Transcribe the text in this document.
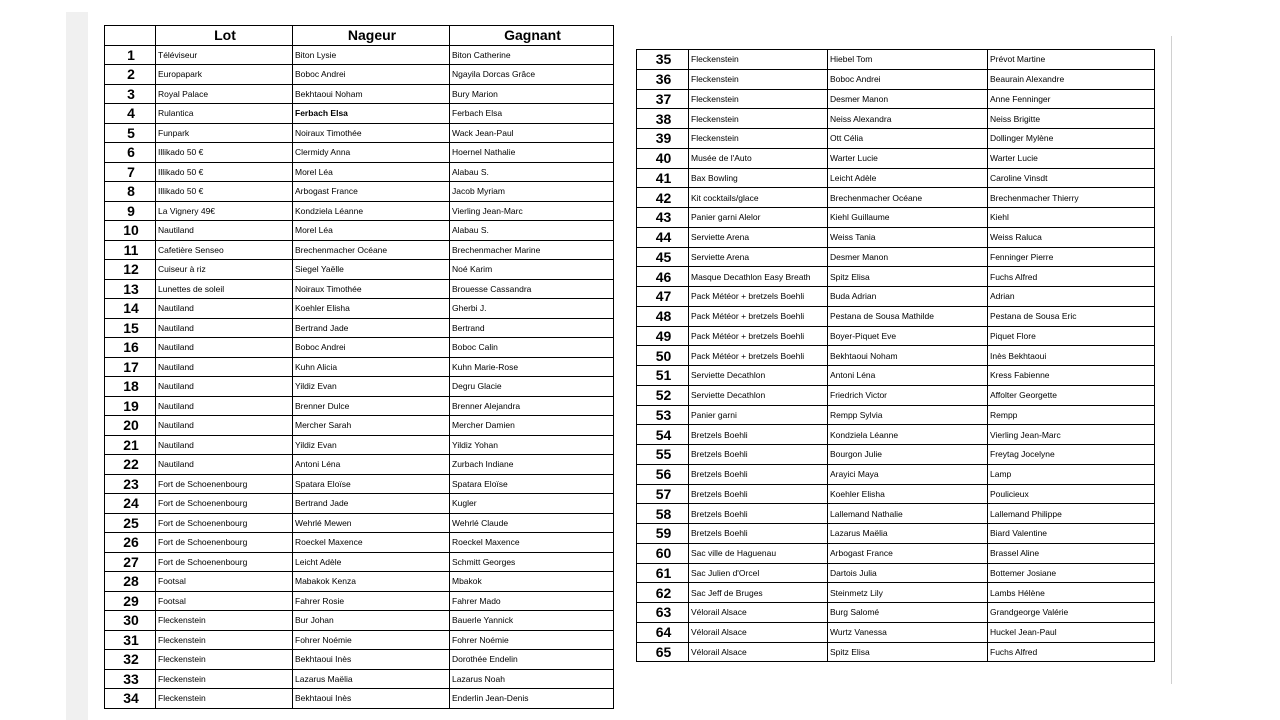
	Lot	Nageur	Gagnant
1	Téléviseur	Biton Lysie	Biton Catherine
2	Europapark	Boboc Andrei	Ngayila Dorcas Grâce
3	Royal Palace	Bekhtaoui Noham	Bury Marion
4	Rulantica	Ferbach Elsa	Ferbach Elsa
5	Funpark	Noiraux Timothée	Wack Jean-Paul
6	Illikado 50 €	Clermidy Anna	Hoernel Nathalie
7	Illikado 50 €	Morel Léa	Alabau S.
8	Illikado 50 €	Arbogast France	Jacob Myriam
9	La Vignery 49€	Kondziela Léanne	Vierling Jean-Marc
10	Nautiland	Morel Léa	Alabau S.
11	Cafetière Senseo	Brechenmacher Océane	Brechenmacher Marine
12	Cuiseur à riz	Siegel Yaëlle	Noé Karim
13	Lunettes de soleil	Noiraux Timothée	Brouesse Cassandra
14	Nautiland	Koehler Elisha	Gherbi J.
15	Nautiland	Bertrand Jade	Bertrand
16	Nautiland	Boboc Andrei	Boboc Calin
17	Nautiland	Kuhn Alicia	Kuhn Marie-Rose
18	Nautiland	Yildiz Evan	Degru Glacie
19	Nautiland	Brenner Dulce	Brenner Alejandra
20	Nautiland	Mercher Sarah	Mercher Damien
21	Nautiland	Yildiz Evan	Yildiz Yohan
22	Nautiland	Antoni Léna	Zurbach Indiane
23	Fort de Schoenenbourg	Spatara Eloïse	Spatara Eloïse
24	Fort de Schoenenbourg	Bertrand Jade	Kugler
25	Fort de Schoenenbourg	Wehrlé Mewen	Wehrlé Claude
26	Fort de Schoenenbourg	Roeckel Maxence	Roeckel Maxence
27	Fort de Schoenenbourg	Leicht Adèle	Schmitt Georges
28	Footsal	Mabakok Kenza	Mbakok
29	Footsal	Fahrer Rosie	Fahrer Mado
30	Fleckenstein	Bur Johan	Bauerle Yannick
31	Fleckenstein	Fohrer Noémie	Fohrer Noémie
32	Fleckenstein	Bekhtaoui Inès	Dorothée Endelin
33	Fleckenstein	Lazarus Maëlia	Lazarus Noah
34	Fleckenstein	Bekhtaoui Inès	Enderlin Jean-Denis
35	Fleckenstein	Hiebel Tom	Prévot Martine
36	Fleckenstein	Boboc Andrei	Beaurain Alexandre
37	Fleckenstein	Desmer Manon	Anne Fenninger
38	Fleckenstein	Neiss Alexandra	Neiss Brigitte
39	Fleckenstein	Ott Célia	Dollinger Mylène
40	Musée de l'Auto	Warter Lucie	Warter Lucie
41	Bax Bowling	Leicht Adèle	Caroline Vinsdt
42	Kit cocktails/glace	Brechenmacher Océane	Brechenmacher Thierry
43	Panier garni Alelor	Kiehl Guillaume	Kiehl
44	Serviette Arena	Weiss Tania	Weiss Raluca
45	Serviette Arena	Desmer Manon	Fenninger Pierre
46	Masque Decathlon Easy Breath	Spitz Elisa	Fuchs Alfred
47	Pack Météor + bretzels Boehli	Buda Adrian	Adrian
48	Pack Météor + bretzels Boehli	Pestana de Sousa Mathilde	Pestana de Sousa Eric
49	Pack Météor + bretzels Boehli	Boyer-Piquet Eve	Piquet Flore
50	Pack Météor + bretzels Boehli	Bekhtaoui Noham	Inès Bekhtaoui
51	Serviette Decathlon	Antoni Léna	Kress Fabienne
52	Serviette Decathlon	Friedrich Victor	Affolter Georgette
53	Panier garni	Rempp Sylvia	Rempp
54	Bretzels Boehli	Kondziela Léanne	Vierling Jean-Marc
55	Bretzels Boehli	Bourgon Julie	Freytag Jocelyne
56	Bretzels Boehli	Arayici Maya	Lamp
57	Bretzels Boehli	Koehler Elisha	Poulicieux
58	Bretzels Boehli	Lallemand Nathalie	Lallemand Philippe
59	Bretzels Boehli	Lazarus Maëlia	Biard Valentine
60	Sac ville de Haguenau	Arbogast France	Brassel Aline
61	Sac Julien d'Orcel	Dartois Julia	Bottemer Josiane
62	Sac Jeff de Bruges	Steinmetz Lily	Lambs Hélène
63	Vélorail Alsace	Burg Salomé	Grandgeorge Valérie
64	Vélorail Alsace	Wurtz Vanessa	Huckel Jean-Paul
65	Vélorail Alsace	Spitz Elisa	Fuchs Alfred
